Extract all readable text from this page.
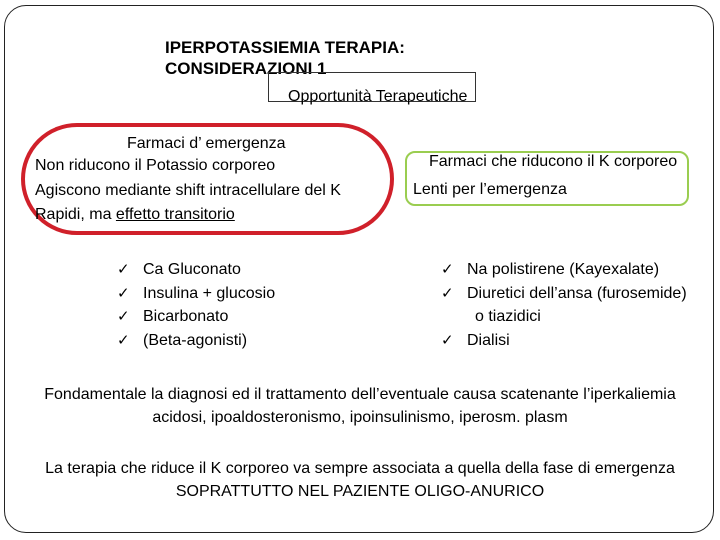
IPERPOTASSIEMIA TERAPIA:
CONSIDERAZIONI 1
Opportunità Terapeutiche
Farmaci d’ emergenza
Non riducono il Potassio corporeo
Agiscono mediante shift intracellulare del K
Rapidi, ma effetto transitorio
Farmaci che riducono il K corporeo
Lenti per l’emergenza
✓ Ca Gluconato
✓ Insulina + glucosio
✓ Bicarbonato
✓ (Beta-agonisti)
✓ Na polistirene (Kayexalate)
✓ Diuretici dell’ansa (furosemide)
o tiazidici
✓ Dialisi
Fondamentale la diagnosi ed il trattamento dell’eventuale causa scatenante l’iperkaliemia
acidosi, ipoaldosteronismo, ipoinsulinismo, iperosm. plasm
La terapia che riduce il K corporeo va sempre associata a quella della fase di emergenza
SOPRATTUTTO NEL PAZIENTE OLIGO-ANURICO
